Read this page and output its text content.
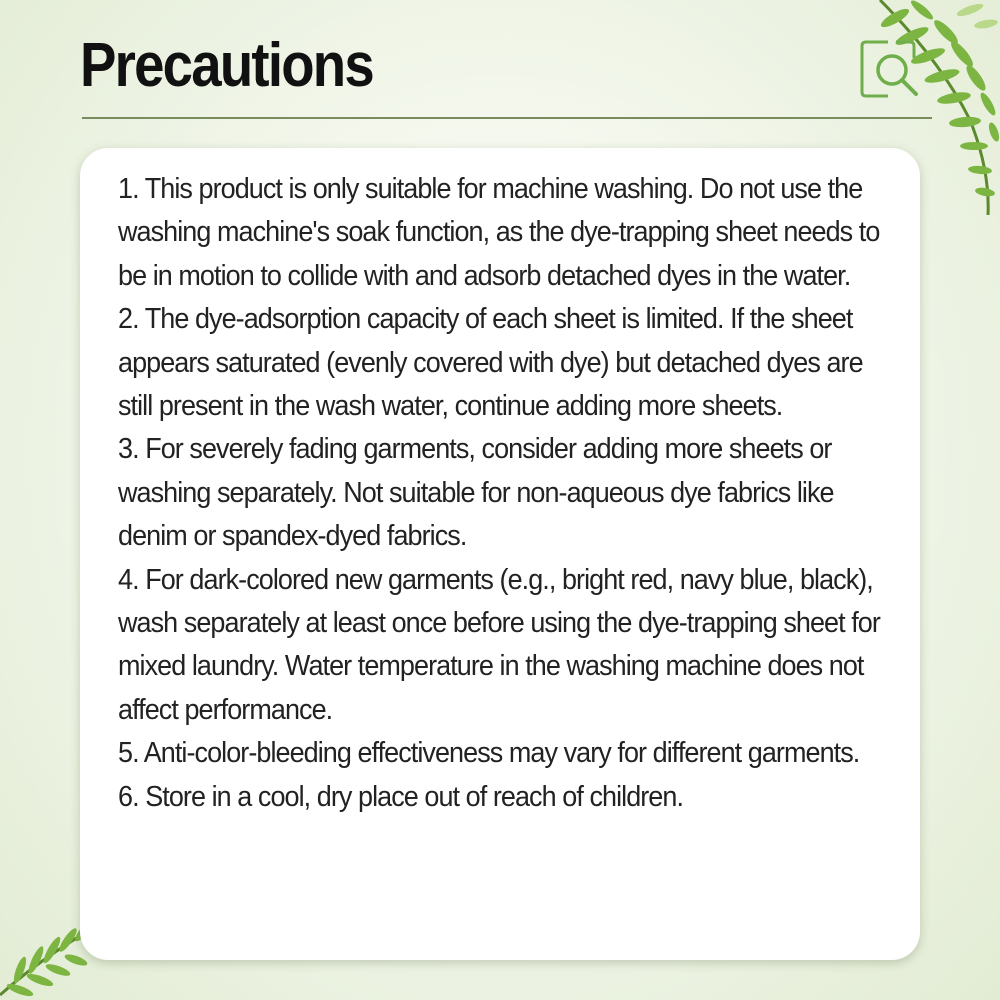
Precautions
1. This product is only suitable for machine washing. Do not use the washing machine's soak function, as the dye-trapping sheet needs to be in motion to collide with and adsorb detached dyes in the water.
2. The dye-adsorption capacity of each sheet is limited. If the sheet appears saturated (evenly covered with dye) but detached dyes are still present in the wash water, continue adding more sheets.
3. For severely fading garments, consider adding more sheets or washing separately. Not suitable for non-aqueous dye fabrics like denim or spandex-dyed fabrics.
4. For dark-colored new garments (e.g., bright red, navy blue, black), wash separately at least once before using the dye-trapping sheet for mixed laundry. Water temperature in the washing machine does not affect performance.
5. Anti-color-bleeding effectiveness may vary for different garments.
6. Store in a cool, dry place out of reach of children.
